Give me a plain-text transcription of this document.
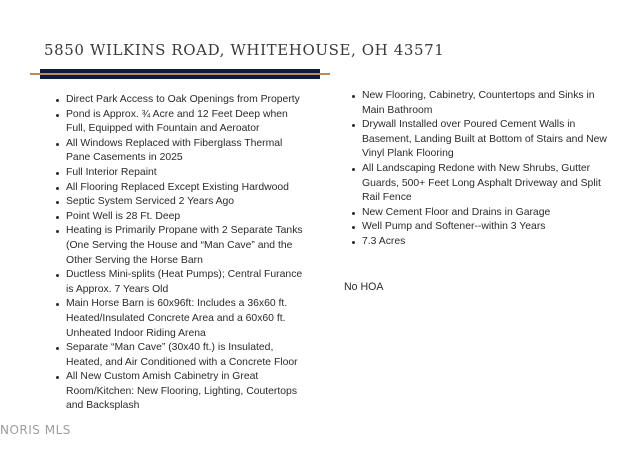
5850 WILKINS ROAD, WHITEHOUSE, OH 43571
Direct Park Access to Oak Openings from Property
Pond is Approx. ¾ Acre and 12 Feet Deep when Full, Equipped with Fountain and Aeroator
All Windows Replaced with Fiberglass Thermal Pane Casements in 2025
Full Interior Repaint
All Flooring Replaced Except Existing Hardwood
Septic System Serviced 2 Years Ago
Point Well is 28 Ft. Deep
Heating is Primarily Propane with 2 Separate Tanks (One Serving the House and “Man Cave” and the Other Serving the Horse Barn
Ductless Mini-splits (Heat Pumps); Central Furance is Approx. 7 Years Old
Main Horse Barn is 60x96ft: Includes a 36x60 ft. Heated/Insulated Concrete Area and a 60x60 ft. Unheated Indoor Riding Arena
Separate “Man Cave” (30x40 ft.) is Insulated, Heated, and Air Conditioned with a Concrete Floor
All New Custom Amish Cabinetry in Great Room/Kitchen: New Flooring, Lighting, Coutertops and Backsplash
New Flooring, Cabinetry, Countertops and Sinks in Main Bathroom
Drywall Installed over Poured Cement Walls in Basement, Landing Built at Bottom of Stairs and New Vinyl Plank Flooring
All Landscaping Redone with New Shrubs, Gutter Guards, 500+ Feet Long Asphalt Driveway and Split Rail Fence
New Cement Floor and Drains in Garage
Well Pump and Softener--within 3 Years
7.3 Acres
No HOA
NORIS MLS
